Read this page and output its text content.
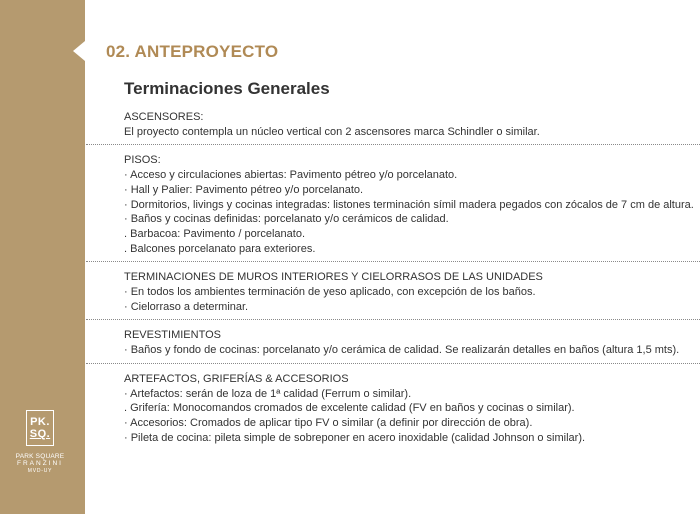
PK.
SQ.
PARK SQUARE
FRANZINI
MVD-UY
02. ANTEPROYECTO
Terminaciones Generales
ASCENSORES:
El proyecto contempla un núcleo vertical con 2 ascensores marca Schindler o similar.
PISOS:
· Acceso y circulaciones abiertas: Pavimento pétreo y/o porcelanato.
· Hall y Palier: Pavimento pétreo y/o porcelanato.
· Dormitorios, livings y cocinas integradas: listones terminación símil madera pegados con zócalos de 7 cm de altura.
· Baños y cocinas definidas: porcelanato y/o cerámicos de calidad.
. Barbacoa: Pavimento / porcelanato.
. Balcones porcelanato para exteriores.
TERMINACIONES DE MUROS INTERIORES Y CIELORRASOS DE LAS UNIDADES
· En todos los ambientes terminación de yeso aplicado, con excepción de los baños.
· Cielorraso a determinar.
REVESTIMIENTOS
· Baños y fondo de cocinas: porcelanato y/o cerámica de calidad. Se realizarán detalles en baños (altura 1,5 mts).
ARTEFACTOS, GRIFERÍAS & ACCESORIOS
· Artefactos: serán de loza de 1ª calidad (Ferrum o similar).
. Grifería: Monocomandos cromados de excelente calidad (FV en baños y cocinas o similar).
· Accesorios: Cromados de aplicar tipo FV o similar (a definir por dirección de obra).
· Pileta de cocina: pileta simple de sobreponer en acero inoxidable (calidad Johnson o similar).
